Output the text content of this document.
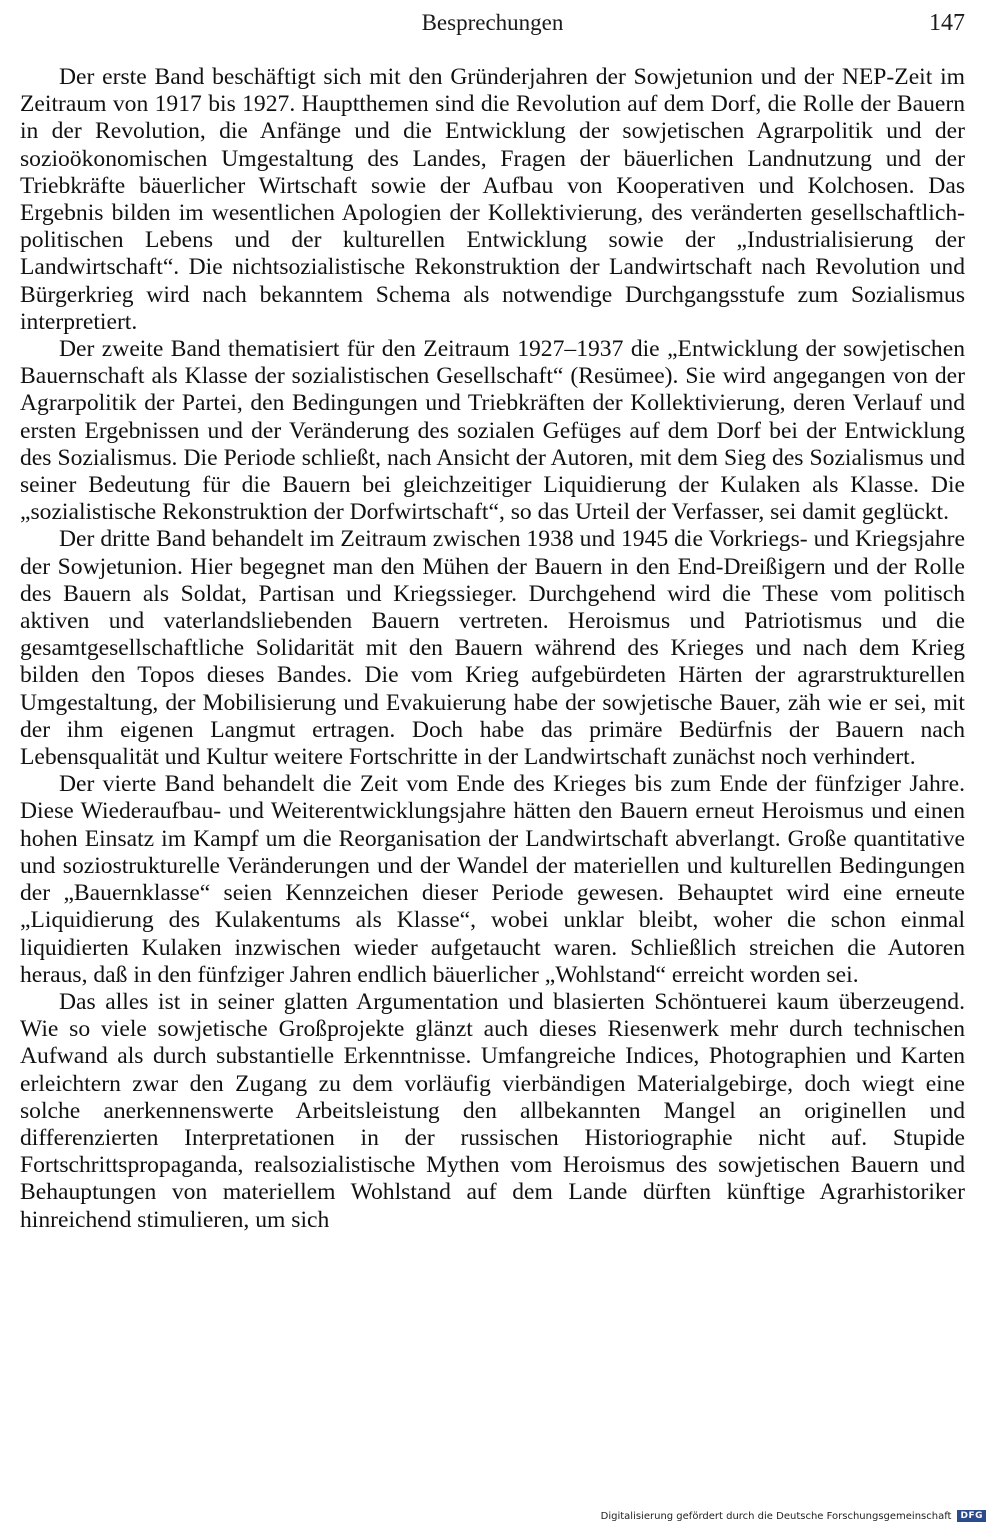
Besprechungen	147

Der erste Band beschäftigt sich mit den Gründerjahren der Sowjetunion und der NEP-Zeit im Zeitraum von 1917 bis 1927. Hauptthemen sind die Revolution auf dem Dorf, die Rolle der Bauern in der Revolution, die Anfänge und die Entwicklung der sowjetischen Agrarpolitik und der sozioökonomischen Umgestaltung des Landes, Fragen der bäuerlichen Landnutzung und der Triebkräfte bäuerlicher Wirtschaft sowie der Aufbau von Kooperativen und Kolchosen. Das Ergebnis bilden im wesentlichen Apologien der Kollektivierung, des veränderten gesellschaftlich-politischen Lebens und der kulturellen Entwicklung sowie der „Industrialisierung der Landwirtschaft“. Die nichtsozialistische Rekonstruktion der Landwirtschaft nach Revolution und Bürgerkrieg wird nach bekanntem Schema als notwendige Durchgangsstufe zum Sozialismus interpretiert.

Der zweite Band thematisiert für den Zeitraum 1927–1937 die „Entwicklung der sowjetischen Bauernschaft als Klasse der sozialistischen Gesellschaft“ (Resümee). Sie wird angegangen von der Agrarpolitik der Partei, den Bedingungen und Triebkräften der Kollektivierung, deren Verlauf und ersten Ergebnissen und der Veränderung des sozialen Gefüges auf dem Dorf bei der Entwicklung des Sozialismus. Die Periode schließt, nach Ansicht der Autoren, mit dem Sieg des Sozialismus und seiner Bedeutung für die Bauern bei gleichzeitiger Liquidierung der Kulaken als Klasse. Die „sozialistische Rekonstruktion der Dorfwirtschaft“, so das Urteil der Verfasser, sei damit geglückt.

Der dritte Band behandelt im Zeitraum zwischen 1938 und 1945 die Vorkriegs- und Kriegsjahre der Sowjetunion. Hier begegnet man den Mühen der Bauern in den End-Dreißigern und der Rolle des Bauern als Soldat, Partisan und Kriegssieger. Durchgehend wird die These vom politisch aktiven und vaterlandsliebenden Bauern vertreten. Heroismus und Patriotismus und die gesamtgesellschaftliche Solidarität mit den Bauern während des Krieges und nach dem Krieg bilden den Topos dieses Bandes. Die vom Krieg aufgebürdeten Härten der agrarstrukturellen Umgestaltung, der Mobilisierung und Evakuierung habe der sowjetische Bauer, zäh wie er sei, mit der ihm eigenen Langmut ertragen. Doch habe das primäre Bedürfnis der Bauern nach Lebensqualität und Kultur weitere Fortschritte in der Landwirtschaft zunächst noch verhindert.

Der vierte Band behandelt die Zeit vom Ende des Krieges bis zum Ende der fünfziger Jahre. Diese Wiederaufbau- und Weiterentwicklungsjahre hätten den Bauern erneut Heroismus und einen hohen Einsatz im Kampf um die Reorganisation der Landwirtschaft abverlangt. Große quantitative und soziostrukturelle Veränderungen und der Wandel der materiellen und kulturellen Bedingungen der „Bauernklasse“ seien Kennzeichen dieser Periode gewesen. Behauptet wird eine erneute „Liquidierung des Kulakentums als Klasse“, wobei unklar bleibt, woher die schon einmal liquidierten Kulaken inzwischen wieder aufgetaucht waren. Schließlich streichen die Autoren heraus, daß in den fünfziger Jahren endlich bäuerlicher „Wohlstand“ erreicht worden sei.

Das alles ist in seiner glatten Argumentation und blasierten Schöntuerei kaum überzeugend. Wie so viele sowjetische Großprojekte glänzt auch dieses Riesenwerk mehr durch technischen Aufwand als durch substantielle Erkenntnisse. Umfangreiche Indices, Photographien und Karten erleichtern zwar den Zugang zu dem vorläufig vierbändigen Materialgebirge, doch wiegt eine solche anerkennenswerte Arbeitsleistung den allbekannten Mangel an originellen und differenzierten Interpretationen in der russischen Historiographie nicht auf. Stupide Fortschrittspropaganda, realsozialistische Mythen vom Heroismus des sowjetischen Bauern und Behauptungen von materiellem Wohlstand auf dem Lande dürften künftige Agrarhistoriker hinreichend stimulieren, um sich

Digitalisierung gefördert durch die Deutsche Forschungsgemeinschaft	DFG
